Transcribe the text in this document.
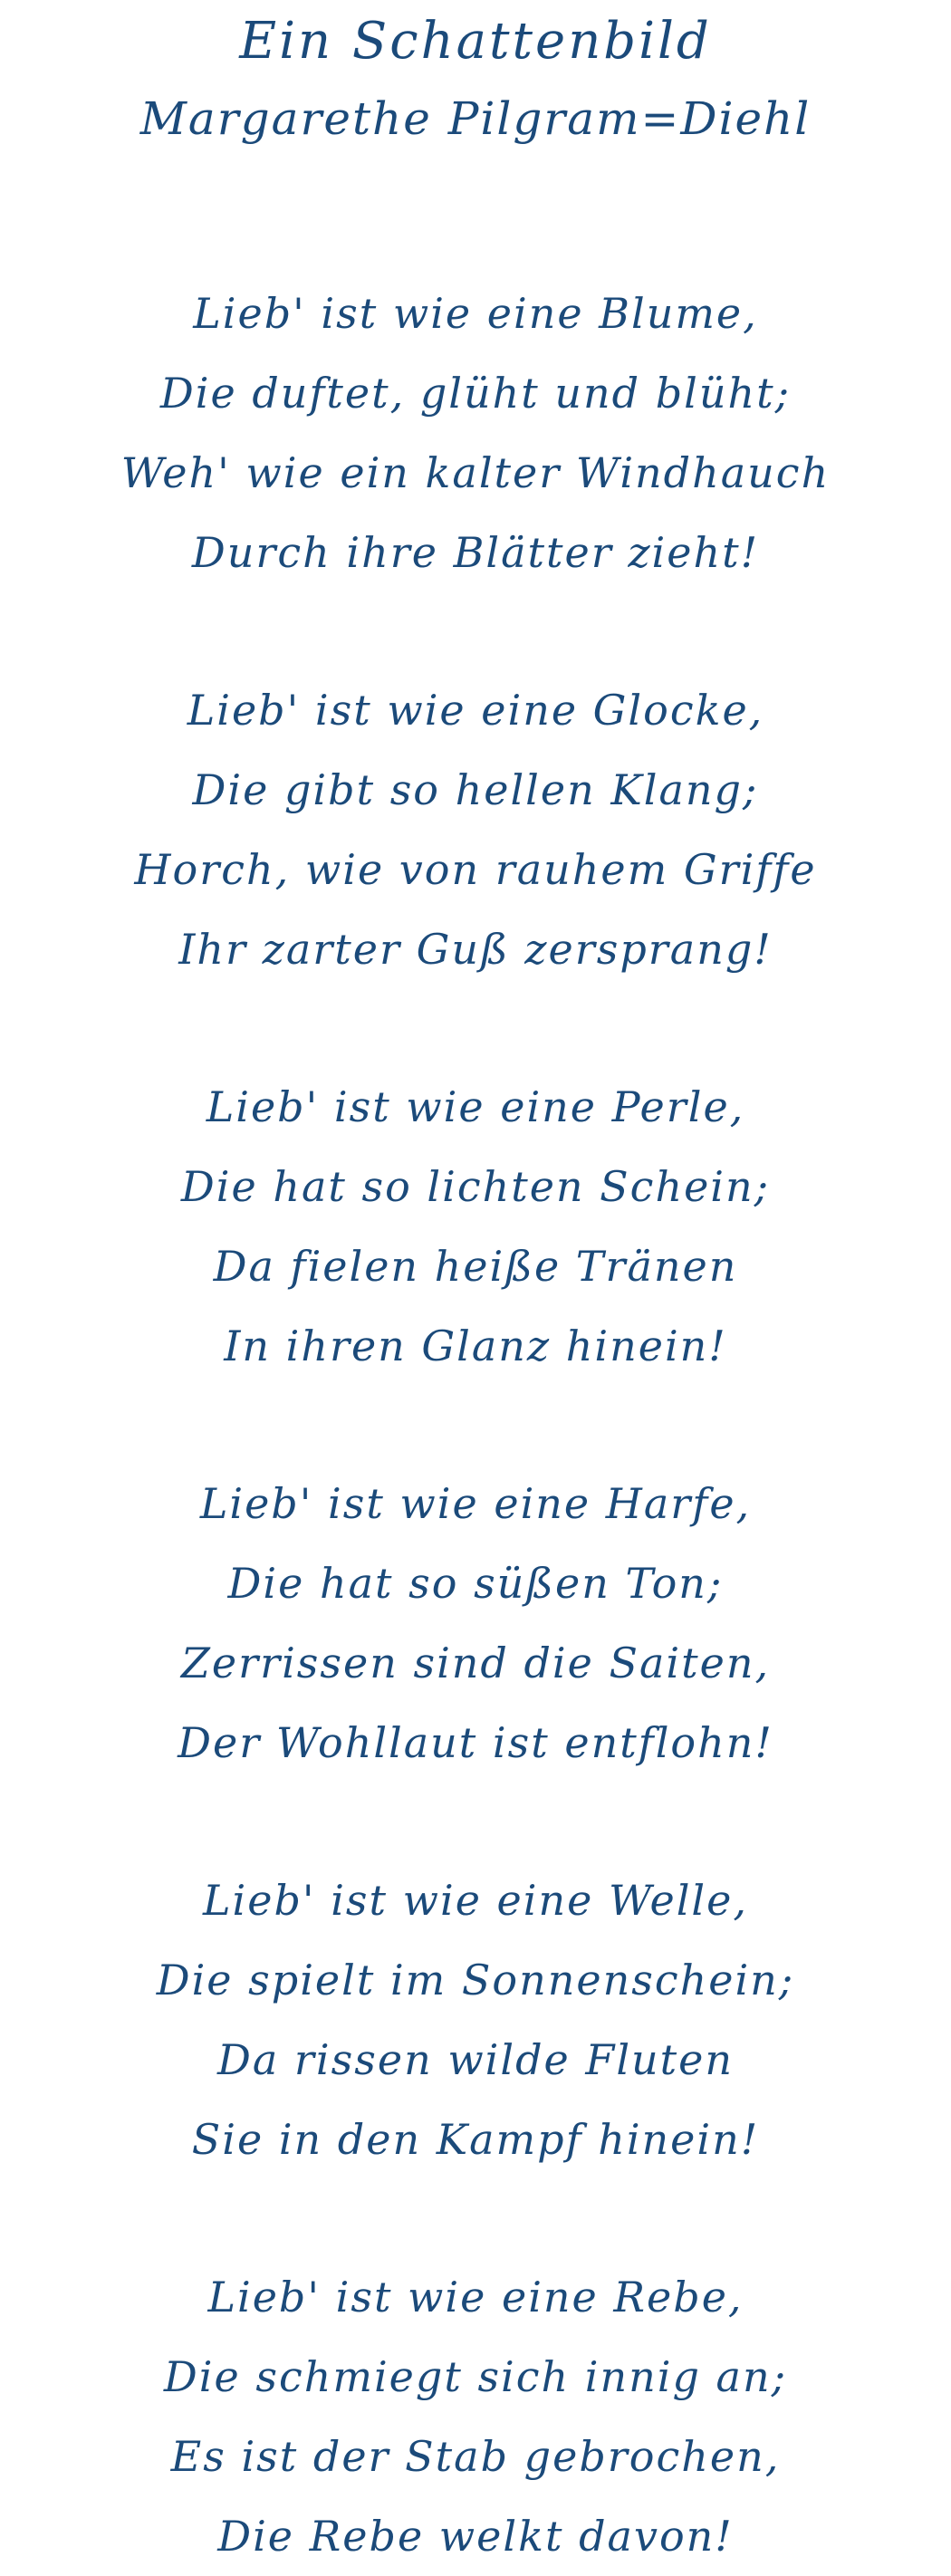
Ein Schattenbild
Margarethe Pilgram=Diehl
Lieb' ist wie eine Blume,
Die duftet, glüht und blüht;
Weh' wie ein kalter Windhauch
Durch ihre Blätter zieht!
Lieb' ist wie eine Glocke,
Die gibt so hellen Klang;
Horch, wie von rauhem Griffe
Ihr zarter Guß zersprang!
Lieb' ist wie eine Perle,
Die hat so lichten Schein;
Da fielen heiße Tränen
In ihren Glanz hinein!
Lieb' ist wie eine Harfe,
Die hat so süßen Ton;
Zerrissen sind die Saiten,
Der Wohllaut ist entflohn!
Lieb' ist wie eine Welle,
Die spielt im Sonnenschein;
Da rissen wilde Fluten
Sie in den Kampf hinein!
Lieb' ist wie eine Rebe,
Die schmiegt sich innig an;
Es ist der Stab gebrochen,
Die Rebe welkt davon!
